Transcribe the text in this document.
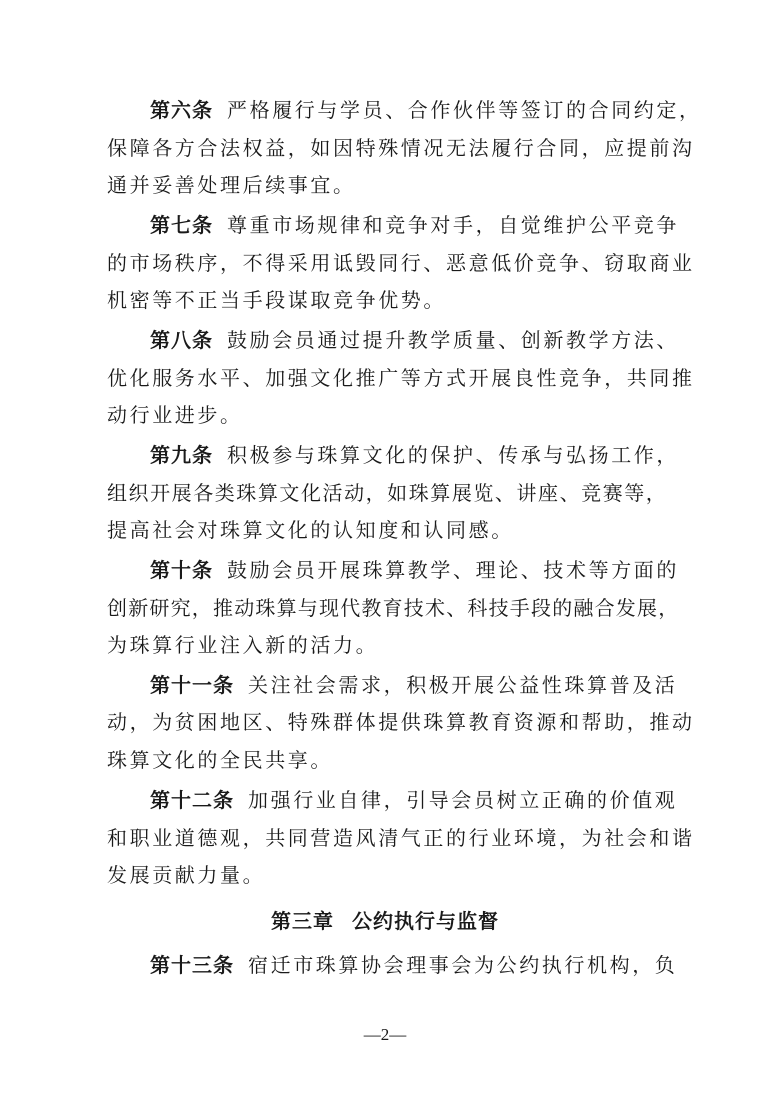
第六条 严格履行与学员、合作伙伴等签订的合同约定，
保障各方合法权益，如因特殊情况无法履行合同，应提前沟
通并妥善处理后续事宜。
第七条 尊重市场规律和竞争对手，自觉维护公平竞争
的市场秩序，不得采用诋毁同行、恶意低价竞争、窃取商业
机密等不正当手段谋取竞争优势。
第八条 鼓励会员通过提升教学质量、创新教学方法、
优化服务水平、加强文化推广等方式开展良性竞争，共同推
动行业进步。
第九条 积极参与珠算文化的保护、传承与弘扬工作，
组织开展各类珠算文化活动，如珠算展览、讲座、竞赛等，
提高社会对珠算文化的认知度和认同感。
第十条 鼓励会员开展珠算教学、理论、技术等方面的
创新研究，推动珠算与现代教育技术、科技手段的融合发展，
为珠算行业注入新的活力。
第十一条 关注社会需求，积极开展公益性珠算普及活
动，为贫困地区、特殊群体提供珠算教育资源和帮助，推动
珠算文化的全民共享。
第十二条 加强行业自律，引导会员树立正确的价值观
和职业道德观，共同营造风清气正的行业环境，为社会和谐
发展贡献力量。
第三章 公约执行与监督
第十三条 宿迁市珠算协会理事会为公约执行机构，负
—2—
